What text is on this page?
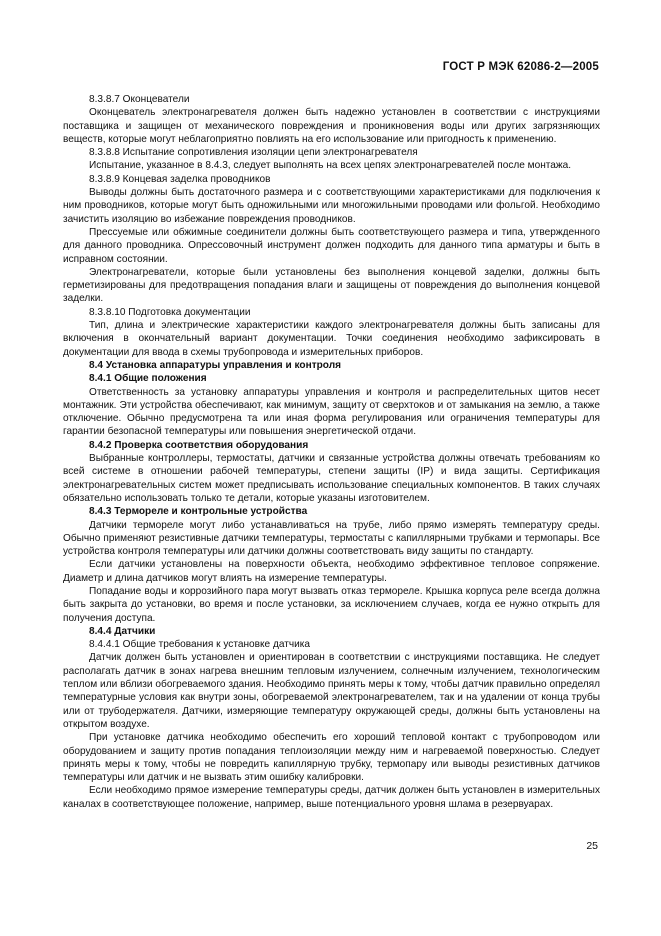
ГОСТ Р МЭК 62086-2—2005

8.3.8.7 Оконцеватели

Оконцеватель электронагревателя должен быть надежно установлен в соответствии с инструкциями поставщика и защищен от механического повреждения и проникновения воды или других загрязняющих веществ, которые могут неблагоприятно повлиять на его использование или пригодность к применению.

8.3.8.8 Испытание сопротивления изоляции цепи электронагревателя

Испытание, указанное в 8.4.3, следует выполнять на всех цепях электронагревателей после монтажа.

8.3.8.9 Концевая заделка проводников

Выводы должны быть достаточного размера и с соответствующими характеристиками для подключения к ним проводников, которые могут быть одножильными или многожильными проводами или фольгой. Необходимо зачистить изоляцию во избежание повреждения проводников.

Прессуемые или обжимные соединители должны быть соответствующего размера и типа, утвержденного для данного проводника. Опрессовочный инструмент должен подходить для данного типа арматуры и быть в исправном состоянии.

Электронагреватели, которые были установлены без выполнения концевой заделки, должны быть герметизированы для предотвращения попадания влаги и защищены от повреждения до выполнения концевой заделки.

8.3.8.10 Подготовка документации

Тип, длина и электрические характеристики каждого электронагревателя должны быть записаны для включения в окончательный вариант документации. Точки соединения необходимо зафиксировать в документации для ввода в схемы трубопровода и измерительных приборов.

8.4 Установка аппаратуры управления и контроля

8.4.1 Общие положения

Ответственность за установку аппаратуры управления и контроля и распределительных щитов несет монтажник. Эти устройства обеспечивают, как минимум, защиту от сверхтоков и от замыкания на землю, а также отключение. Обычно предусмотрена та или иная форма регулирования или ограничения температуры для гарантии безопасной температуры или повышения энергетической отдачи.

8.4.2 Проверка соответствия оборудования

Выбранные контроллеры, термостаты, датчики и связанные устройства должны отвечать требованиям ко всей системе в отношении рабочей температуры, степени защиты (IP) и вида защиты. Сертификация электронагревательных систем может предписывать использование специальных компонентов. В таких случаях обязательно использовать только те детали, которые указаны изготовителем.

8.4.3 Термореле и контрольные устройства

Датчики термореле могут либо устанавливаться на трубе, либо прямо измерять температуру среды. Обычно применяют резистивные датчики температуры, термостаты с капиллярными трубками и термопары. Все устройства контроля температуры или датчики должны соответствовать виду защиты по стандарту.

Если датчики установлены на поверхности объекта, необходимо эффективное тепловое сопряжение. Диаметр и длина датчиков могут влиять на измерение температуры.

Попадание воды и коррозийного пара могут вызвать отказ термореле. Крышка корпуса реле всегда должна быть закрыта до установки, во время и после установки, за исключением случаев, когда ее нужно открыть для получения доступа.

8.4.4 Датчики

8.4.4.1 Общие требования к установке датчика

Датчик должен быть установлен и ориентирован в соответствии с инструкциями поставщика. Не следует располагать датчик в зонах нагрева внешним тепловым излучением, солнечным излучением, технологическим теплом или вблизи обогреваемого здания. Необходимо принять меры к тому, чтобы датчик правильно определял температурные условия как внутри зоны, обогреваемой электронагревателем, так и на удалении от конца трубы или от трубодержателя. Датчики, измеряющие температуру окружающей среды, должны быть установлены на открытом воздухе.

При установке датчика необходимо обеспечить его хороший тепловой контакт с трубопроводом или оборудованием и защиту против попадания теплоизоляции между ним и нагреваемой поверхностью. Следует принять меры к тому, чтобы не повредить капиллярную трубку, термопару или выводы резистивных датчиков температуры или датчик и не вызвать этим ошибку калибровки.

Если необходимо прямое измерение температуры среды, датчик должен быть установлен в измерительных каналах в соответствующее положение, например, выше потенциального уровня шлама в резервуарах.

25
